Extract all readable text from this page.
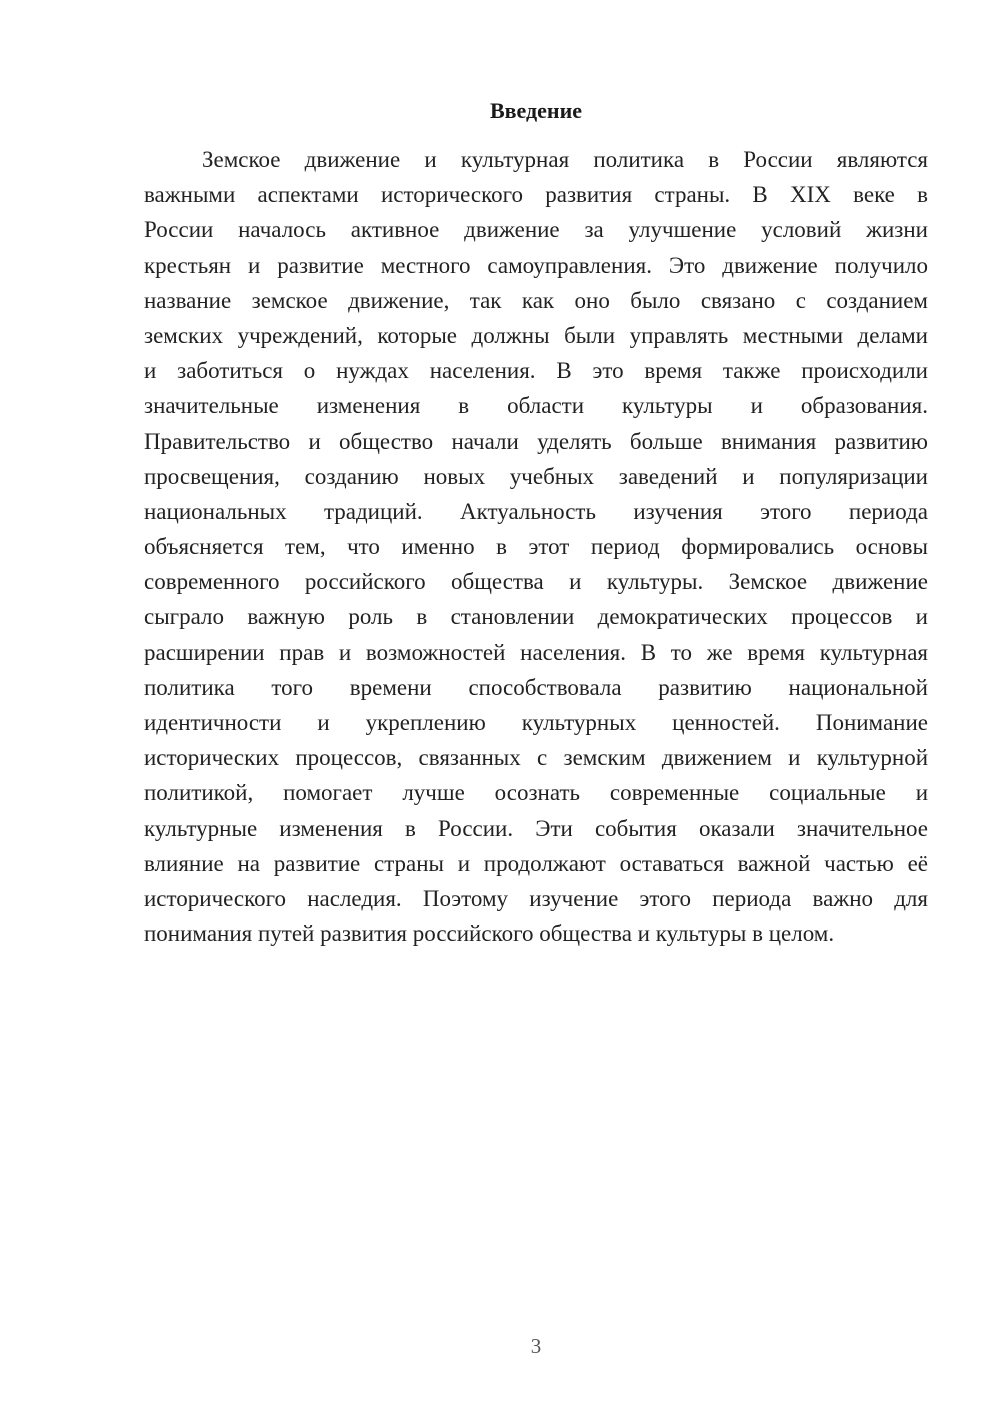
Введение
Земское движение и культурная политика в России являются
важными аспектами исторического развития страны. В XIX веке в
России началось активное движение за улучшение условий жизни
крестьян и развитие местного самоуправления. Это движение получило
название земское движение, так как оно было связано с созданием
земских учреждений, которые должны были управлять местными делами
и заботиться о нуждах населения. В это время также происходили
значительные изменения в области культуры и образования.
Правительство и общество начали уделять больше внимания развитию
просвещения, созданию новых учебных заведений и популяризации
национальных традиций. Актуальность изучения этого периода
объясняется тем, что именно в этот период формировались основы
современного российского общества и культуры. Земское движение
сыграло важную роль в становлении демократических процессов и
расширении прав и возможностей населения. В то же время культурная
политика того времени способствовала развитию национальной
идентичности и укреплению культурных ценностей. Понимание
исторических процессов, связанных с земским движением и культурной
политикой, помогает лучше осознать современные социальные и
культурные изменения в России. Эти события оказали значительное
влияние на развитие страны и продолжают оставаться важной частью её
исторического наследия. Поэтому изучение этого периода важно для
понимания путей развития российского общества и культуры в целом.
3
